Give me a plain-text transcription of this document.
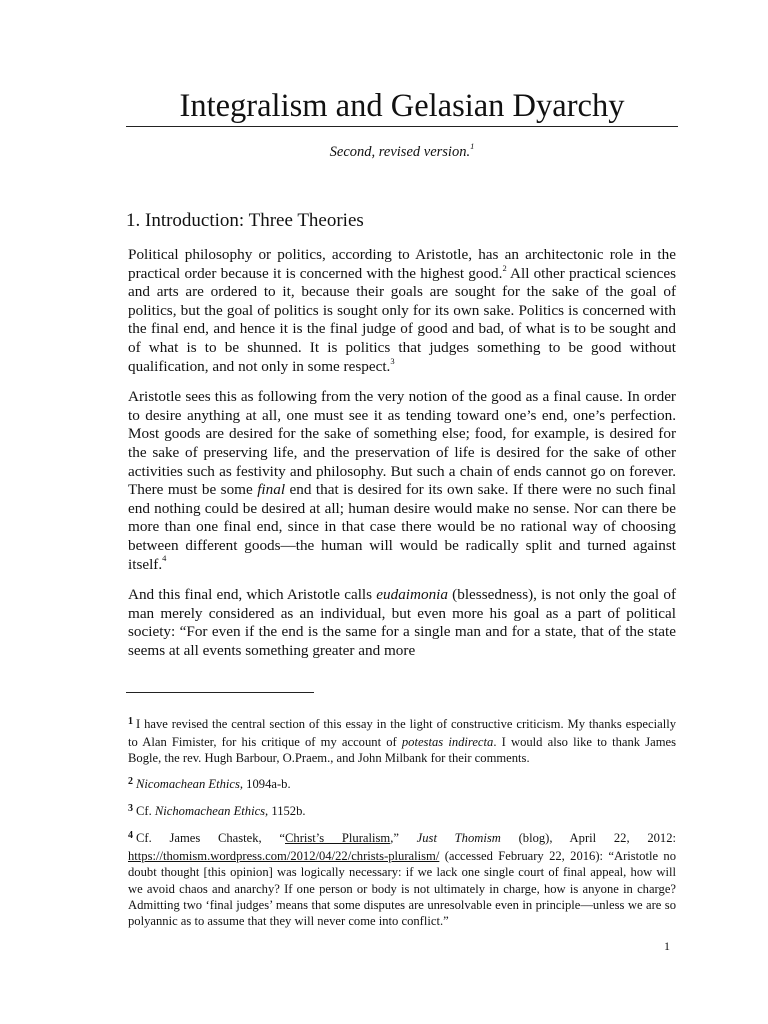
Integralism and Gelasian Dyarchy
Second, revised version.$^1$
1. Introduction: Three Theories

Political philosophy or politics, according to Aristotle, has an architectonic role in the practical order because it is concerned with the highest good.$^2$ All other practical sciences and arts are ordered to it, because their goals are sought for the sake of the goal of politics, but the goal of politics is sought only for its own sake. Politics is concerned with the final end, and hence it is the final judge of good and bad, of what is to be sought and of what is to be shunned. It is politics that judges something to be good without qualification, and not only in some respect.$^3$

Aristotle sees this as following from the very notion of the good as a final cause. In order to desire anything at all, one must see it as tending toward one’s end, one’s perfection. Most goods are desired for the sake of something else; food, for example, is desired for the sake of preserving life, and the preservation of life is desired for the sake of other activities such as festivity and philosophy. But such a chain of ends cannot go on forever. There must be some final end that is desired for its own sake. If there were no such final end nothing could be desired at all; human desire would make no sense. Nor can there be more than one final end, since in that case there would be no rational way of choosing between different goods—the human will would be radically split and turned against itself.$^4$

And this final end, which Aristotle calls eudaimonia (blessedness), is not only the goal of man merely considered as an individual, but even more his goal as a part of political society: “For even if the end is the same for a single man and for a state, that of the state seems at all events something greater and more

$^1$ I have revised the central section of this essay in the light of constructive criticism. My thanks especially to Alan Fimister, for his critique of my account of potestas indirecta. I would also like to thank James Bogle, the rev. Hugh Barbour, O.Praem., and John Milbank for their comments.
$^2$ Nicomachean Ethics, 1094a-b.
$^3$ Cf. Nichomachean Ethics, 1152b.
$^4$ Cf. James Chastek, “Christ’s Pluralism,” Just Thomism (blog), April 22, 2012: https://thomism.wordpress.com/2012/04/22/christs-pluralism/ (accessed February 22, 2016): “Aristotle no doubt thought [this opinion] was logically necessary: if we lack one single court of final appeal, how will we avoid chaos and anarchy? If one person or body is not ultimately in charge, how is anyone in charge? Admitting two ‘final judges’ means that some disputes are unresolvable even in principle—unless we are so polyannic as to assume that they will never come into conflict.”
1
